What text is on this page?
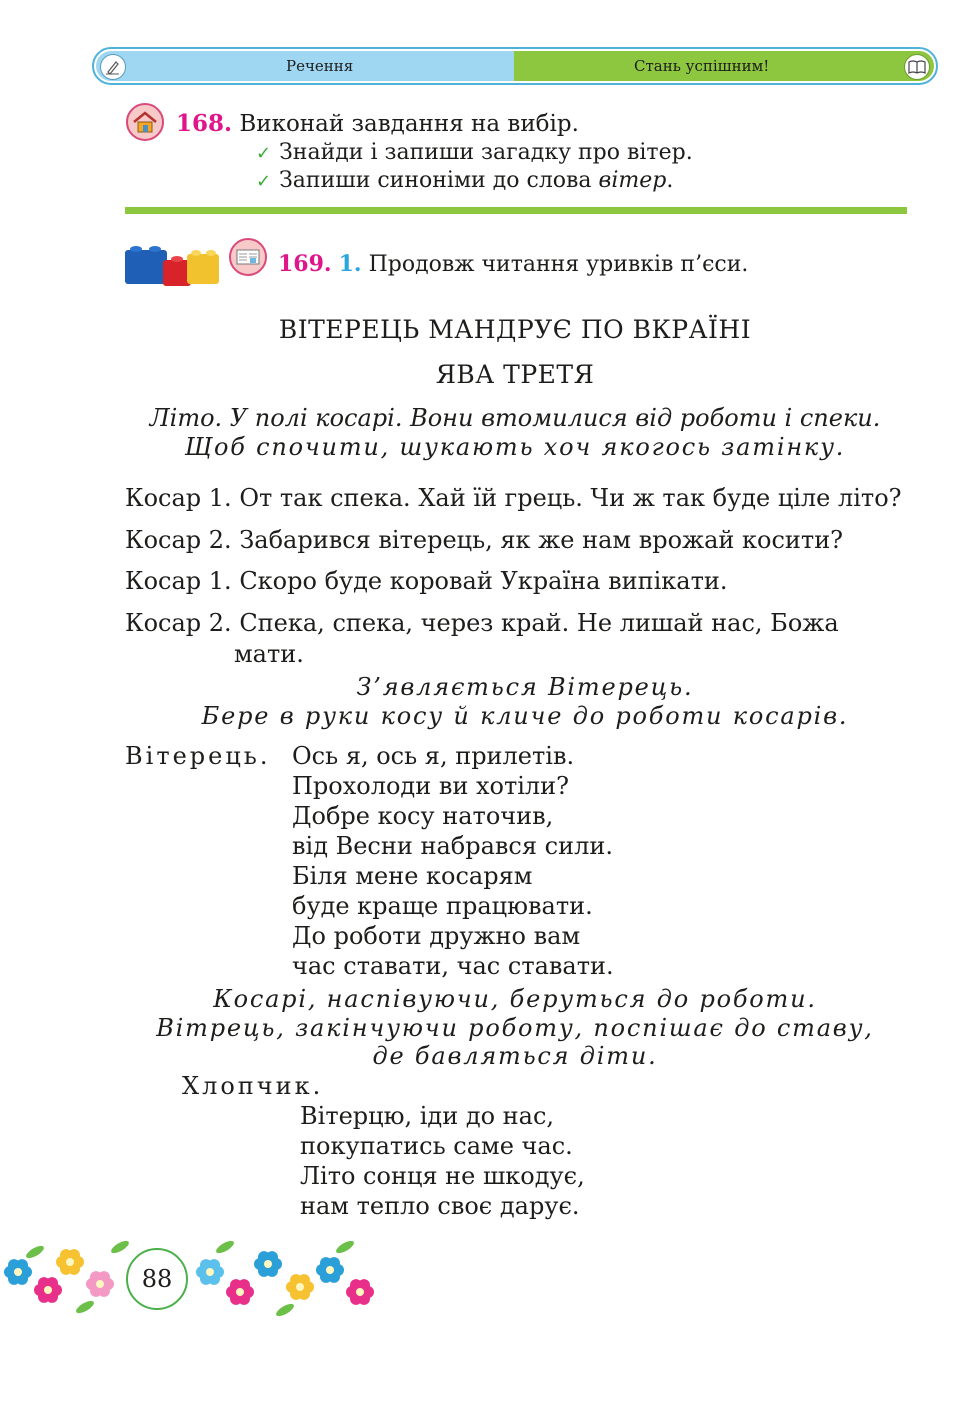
Речення	Стань успішним!
168. Виконай завдання на вибір.
✓ Знайди і запиши загадку про вітер.
✓ Запиши синоніми до слова вітер.
169. 1. Продовж читання уривків п’єси.
ВІТЕРЕЦЬ МАНДРУЄ ПО ВКРАЇНІ
ЯВА ТРЕТЯ
Літо. У полі косарі. Вони втомилися від роботи і спеки.
Щоб спочити, шукають хоч якогось затінку.
Косар 1. От так спека. Хай їй грець. Чи ж так буде ціле літо?
Косар 2. Забарився вітерець, як же нам врожай косити?
Косар 1. Скоро буде коровай Україна випікати.
Косар 2. Спека, спека, через край. Не лишай нас, Божа
мати.
З’являється Вітерець.
Бере в руки косу й кличе до роботи косарів.
Вітерець. Ось я, ось я, прилетів.
Прохолоди ви хотіли?
Добре косу наточив,
від Весни набрався сили.
Біля мене косарям
буде краще працювати.
До роботи дружно вам
час ставати, час ставати.
Косарі, наспівуючи, беруться до роботи.
Вітрець, закінчуючи роботу, поспішає до ставу,
де бавляться діти.
Хлопчик.
Вітерцю, іди до нас,
покупатись саме час.
Літо сонця не шкодує,
нам тепло своє дарує.
88
